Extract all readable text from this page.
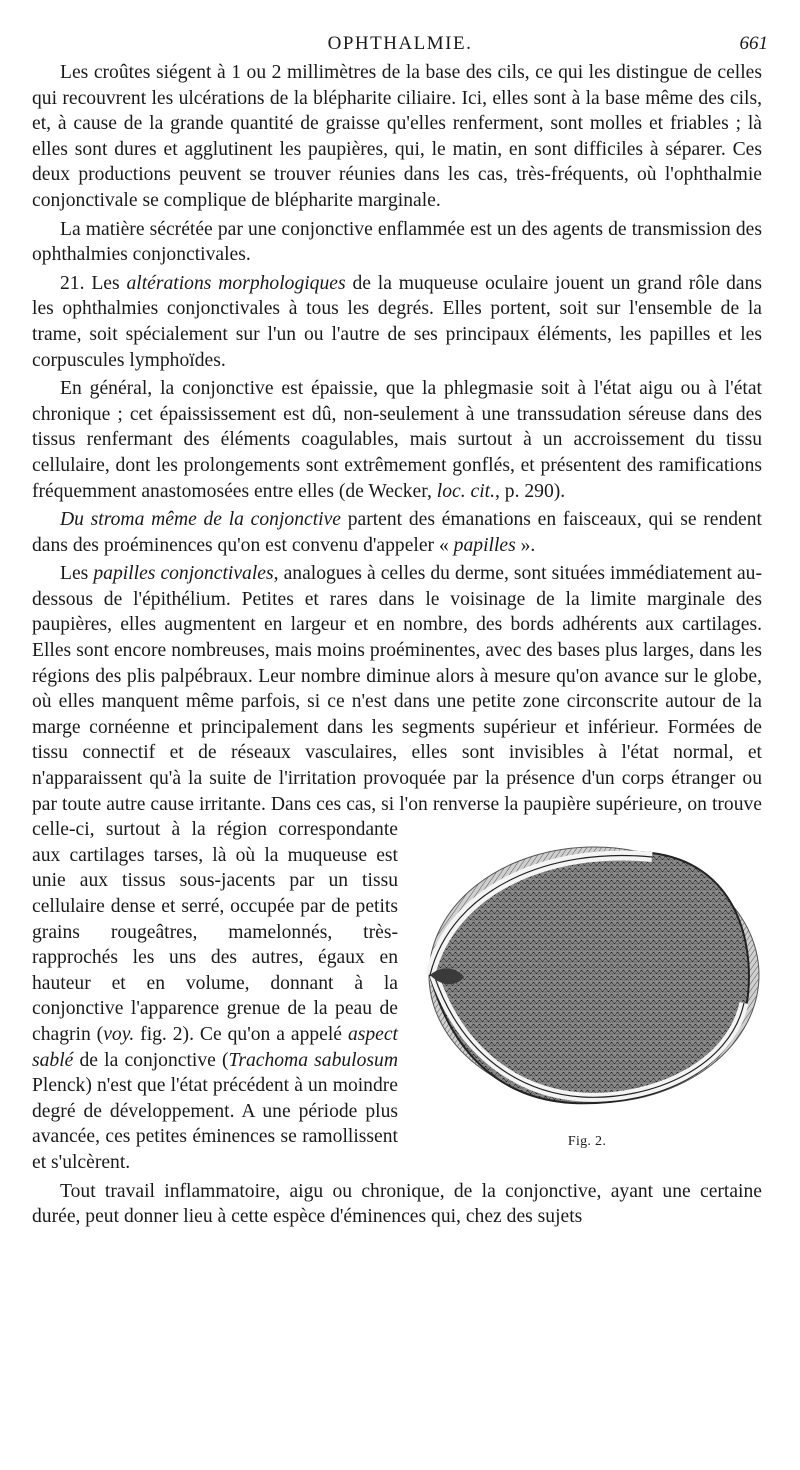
OPHTHALMIE.	661

Les croûtes siégent à 1 ou 2 millimètres de la base des cils, ce qui les distingue de celles qui recouvrent les ulcérations de la blépharite ciliaire. Ici, elles sont à la base même des cils, et, à cause de la grande quantité de graisse qu'elles renferment, sont molles et friables ; là elles sont dures et agglutinent les paupières, qui, le matin, en sont difficiles à séparer. Ces deux productions peuvent se trouver réunies dans les cas, très-fréquents, où l'ophthalmie conjonctivale se complique de blépharite marginale.

La matière sécrétée par une conjonctive enflammée est un des agents de transmission des ophthalmies conjonctivales.

21. Les altérations morphologiques de la muqueuse oculaire jouent un grand rôle dans les ophthalmies conjonctivales à tous les degrés. Elles portent, soit sur l'ensemble de la trame, soit spécialement sur l'un ou l'autre de ses principaux éléments, les papilles et les corpuscules lymphoïdes.

En général, la conjonctive est épaissie, que la phlegmasie soit à l'état aigu ou à l'état chronique ; cet épaississement est dû, non-seulement à une transsudation séreuse dans des tissus renfermant des éléments coagulables, mais surtout à un accroissement du tissu cellulaire, dont les prolongements sont extrêmement gonflés, et présentent des ramifications fréquemment anastomosées entre elles (de Wecker, loc. cit., p. 290).

Du stroma même de la conjonctive partent des émanations en faisceaux, qui se rendent dans des proéminences qu'on est convenu d'appeler « papilles ».

Les papilles conjonctivales, analogues à celles du derme, sont situées immédiatement au-dessous de l'épithélium. Petites et rares dans le voisinage de la limite marginale des paupières, elles augmentent en largeur et en nombre, des bords adhérents aux cartilages. Elles sont encore nombreuses, mais moins proéminentes, avec des bases plus larges, dans les régions des plis palpébraux. Leur nombre diminue alors à mesure qu'on avance sur le globe, où elles manquent même parfois, si ce n'est dans une petite zone circonscrite autour de la marge cornéenne et principalement dans les segments supérieur et inférieur. Formées de tissu connectif et de réseaux vasculaires, elles sont invisibles à l'état normal, et n'apparaissent qu'à la suite de l'irritation provoquée par la présence d'un corps étranger ou par toute autre cause irritante. Dans ces cas, si l'on
Fig. 2.
renverse la paupière supérieure, on trouve celle-ci, surtout à la région correspondante aux cartilages tarses, là où la muqueuse est unie aux tissus sous-jacents par un tissu cellulaire dense et serré, occupée par de petits grains rougeâtres, mamelonnés, très-rapprochés les uns des autres, égaux en hauteur et en volume, donnant à la conjonctive l'apparence grenue de la peau de chagrin (voy. fig. 2). Ce qu'on a appelé aspect sablé de la conjonctive (Trachoma sabulosum Plenck) n'est que l'état précédent à un moindre degré de développement. A une période plus avancée, ces petites éminences se ramollissent et s'ulcèrent.

Tout travail inflammatoire, aigu ou chronique, de la conjonctive, ayant une certaine durée, peut donner lieu à cette espèce d'éminences qui, chez des sujets
